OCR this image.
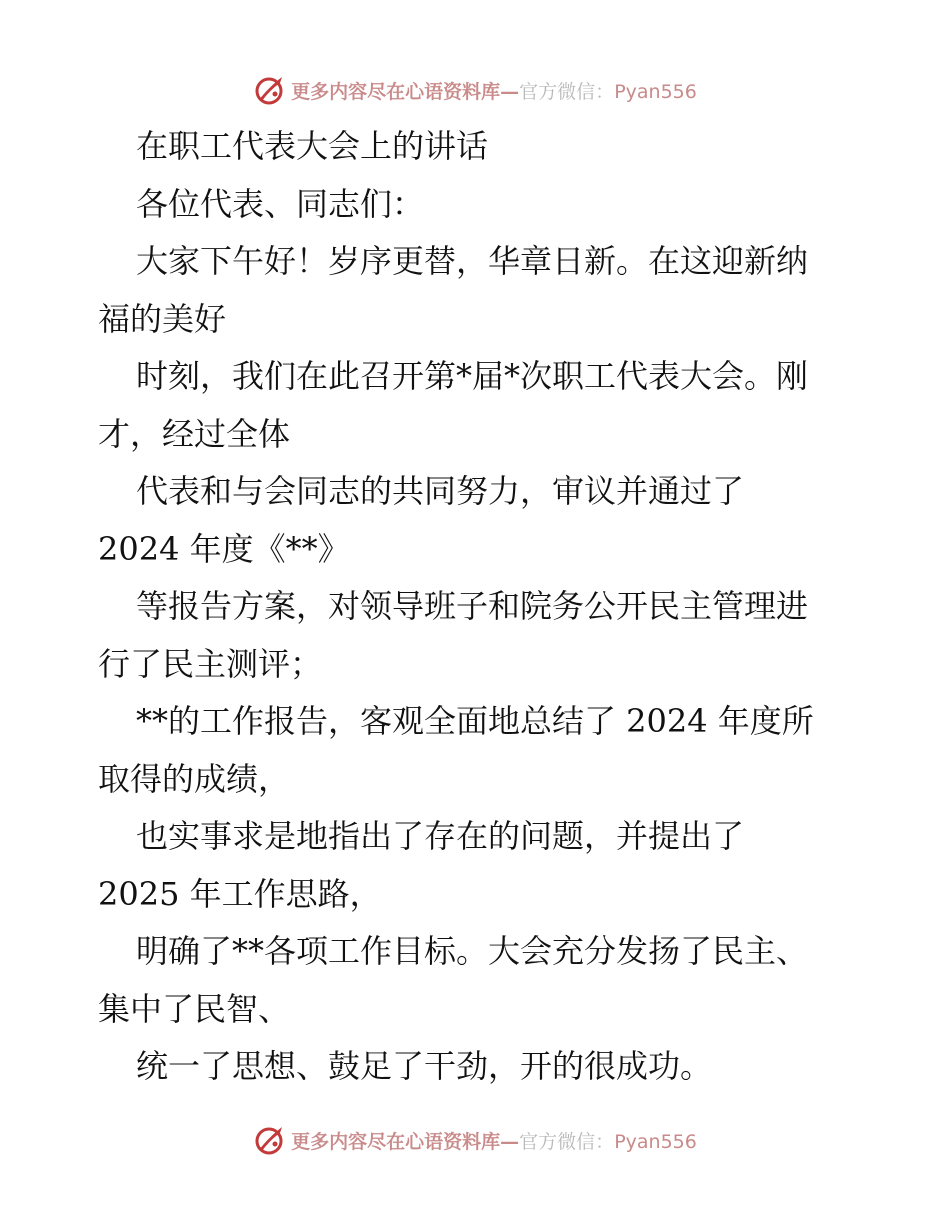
更多内容尽在心语资料库—官方微信：Pyan556
在职工代表大会上的讲话
各位代表、同志们：
大家下午好！岁序更替，华章日新。在这迎新纳
福的美好
时刻，我们在此召开第*届*次职工代表大会。刚
才，经过全体
代表和与会同志的共同努力，审议并通过了
2024 年度《**》
等报告方案，对领导班子和院务公开民主管理进
行了民主测评；
**的工作报告，客观全面地总结了 2024 年度所
取得的成绩，
也实事求是地指出了存在的问题，并提出了
2025 年工作思路，
明确了**各项工作目标。大会充分发扬了民主、
集中了民智、
统一了思想、鼓足了干劲，开的很成功。
更多内容尽在心语资料库—官方微信：Pyan556
